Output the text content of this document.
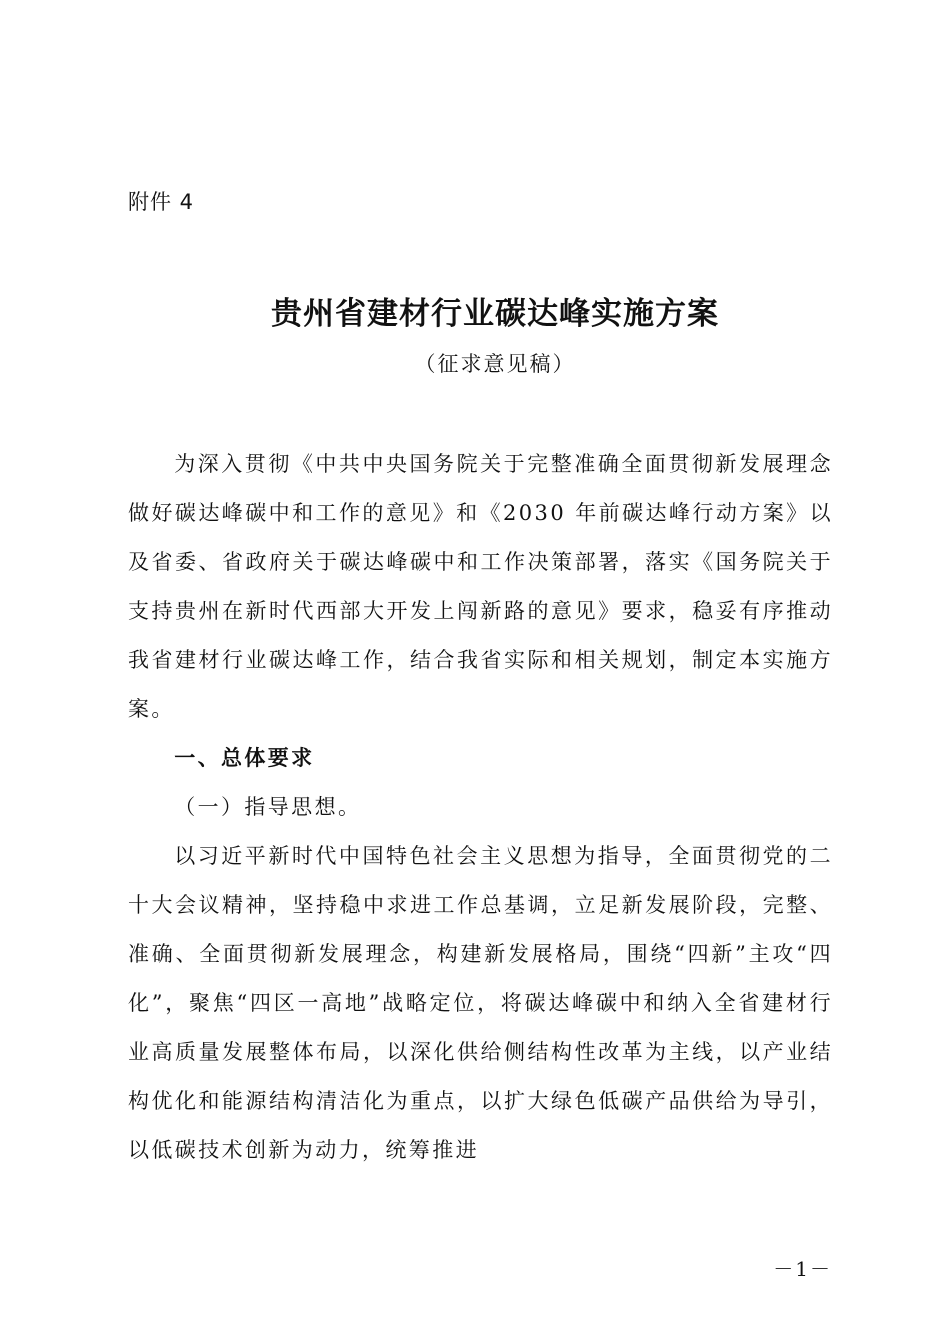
附件 4
贵州省建材行业碳达峰实施方案
（征求意见稿）

为深入贯彻《中共中央国务院关于完整准确全面贯彻新发展理念做好碳达峰碳中和工作的意见》和《2030 年前碳达峰行动方案》以及省委、省政府关于碳达峰碳中和工作决策部署，落实《国务院关于支持贵州在新时代西部大开发上闯新路的意见》要求，稳妥有序推动我省建材行业碳达峰工作，结合我省实际和相关规划，制定本实施方案。

一、总体要求
（一）指导思想。

以习近平新时代中国特色社会主义思想为指导，全面贯彻党的二十大会议精神，坚持稳中求进工作总基调，立足新发展阶段，完整、准确、全面贯彻新发展理念，构建新发展格局，围绕“四新”主攻“四化”，聚焦“四区一高地”战略定位，将碳达峰碳中和纳入全省建材行业高质量发展整体布局，以深化供给侧结构性改革为主线，以产业结构优化和能源结构清洁化为重点，以扩大绿色低碳产品供给为导引，以低碳技术创新为动力，统筹推进

－1－
